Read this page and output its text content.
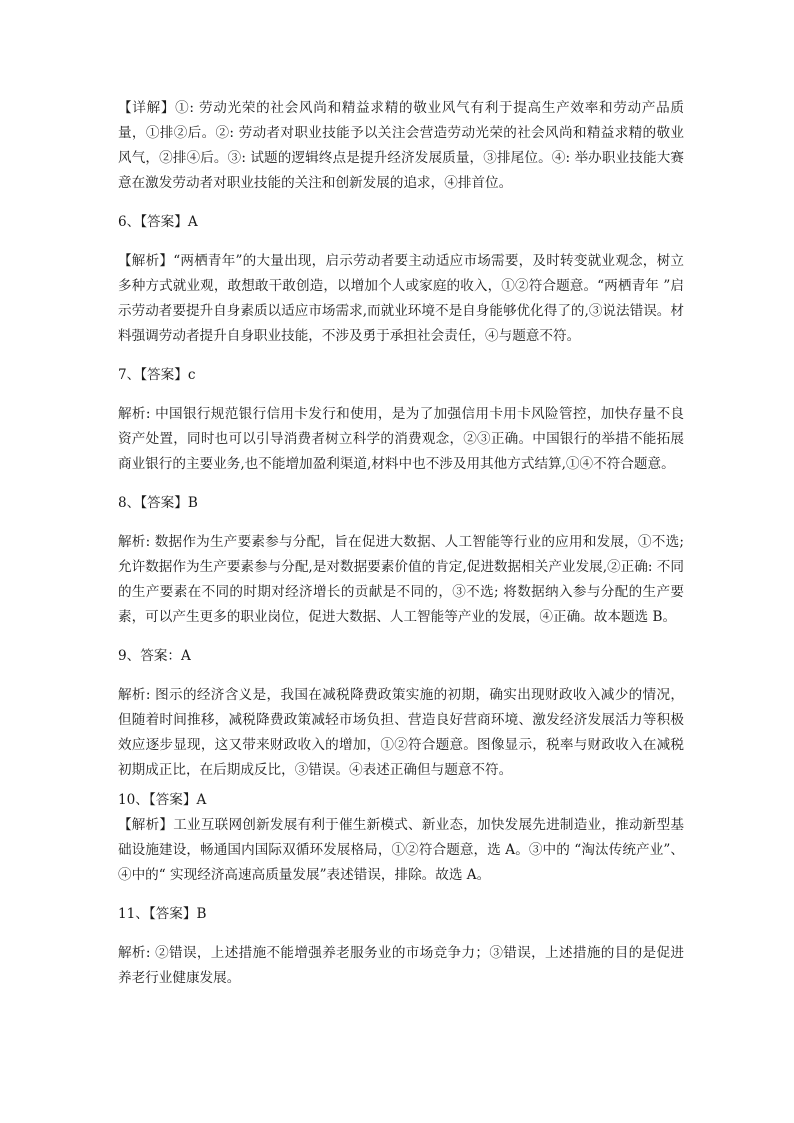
【详解】①: 劳动光荣的社会风尚和精益求精的敬业风气有利于提高生产效率和劳动产品质量，①排②后。②: 劳动者对职业技能予以关注会营造劳动光荣的社会风尚和精益求精的敬业风气，②排④后。③: 试题的逻辑终点是提升经济发展质量，③排尾位。④: 举办职业技能大赛意在激发劳动者对职业技能的关注和创新发展的追求，④排首位。

6、【答案】A

【解析】“两栖青年”的大量出现，启示劳动者要主动适应市场需要，及时转变就业观念，树立多种方式就业观，敢想敢干敢创造，以增加个人或家庭的收入，①②符合题意。“两栖青年 ”启示劳动者要提升自身素质以适应市场需求,而就业环境不是自身能够优化得了的,③说法错误。材料强调劳动者提升自身职业技能，不涉及勇于承担社会责任，④与题意不符。

7、【答案】c

解析: 中国银行规范银行信用卡发行和使用，是为了加强信用卡用卡风险管控，加快存量不良资产处置，同时也可以引导消费者树立科学的消费观念，②③正确。中国银行的举措不能拓展商业银行的主要业务,也不能增加盈利渠道,材料中也不涉及用其他方式结算,①④不符合题意。

8、【答案】B

解析: 数据作为生产要素参与分配，旨在促进大数据、人工智能等行业的应用和发展，①不选; 允许数据作为生产要素参与分配,是对数据要素价值的肯定,促进数据相关产业发展,②正确: 不同的生产要素在不同的时期对经济增长的贡献是不同的，③不选; 将数据纳入参与分配的生产要素，可以产生更多的职业岗位，促进大数据、人工智能等产业的发展，④正确。故本题选 B。

9、答案：A

解析: 图示的经济含义是，我国在减税降费政策实施的初期，确实出现财政收入减少的情况，但随着时间推移，减税降费政策减轻市场负担、营造良好营商环境、激发经济发展活力等积极效应逐步显现，这又带来财政收入的增加，①②符合题意。图像显示，税率与财政收入在减税初期成正比，在后期成反比，③错误。④表述正确但与题意不符。

10、【答案】A

【解析】工业互联网创新发展有利于催生新模式、新业态，加快发展先进制造业，推动新型基础设施建设，畅通国内国际双循环发展格局，①②符合题意，选 A。③中的 “淘汰传统产业”、④中的“ 实现经济高速高质量发展”表述错误，排除。故选 A。

11、【答案】B

解析: ②错误，上述措施不能增强养老服务业的市场竞争力；③错误，上述措施的目的是促进养老行业健康发展。
